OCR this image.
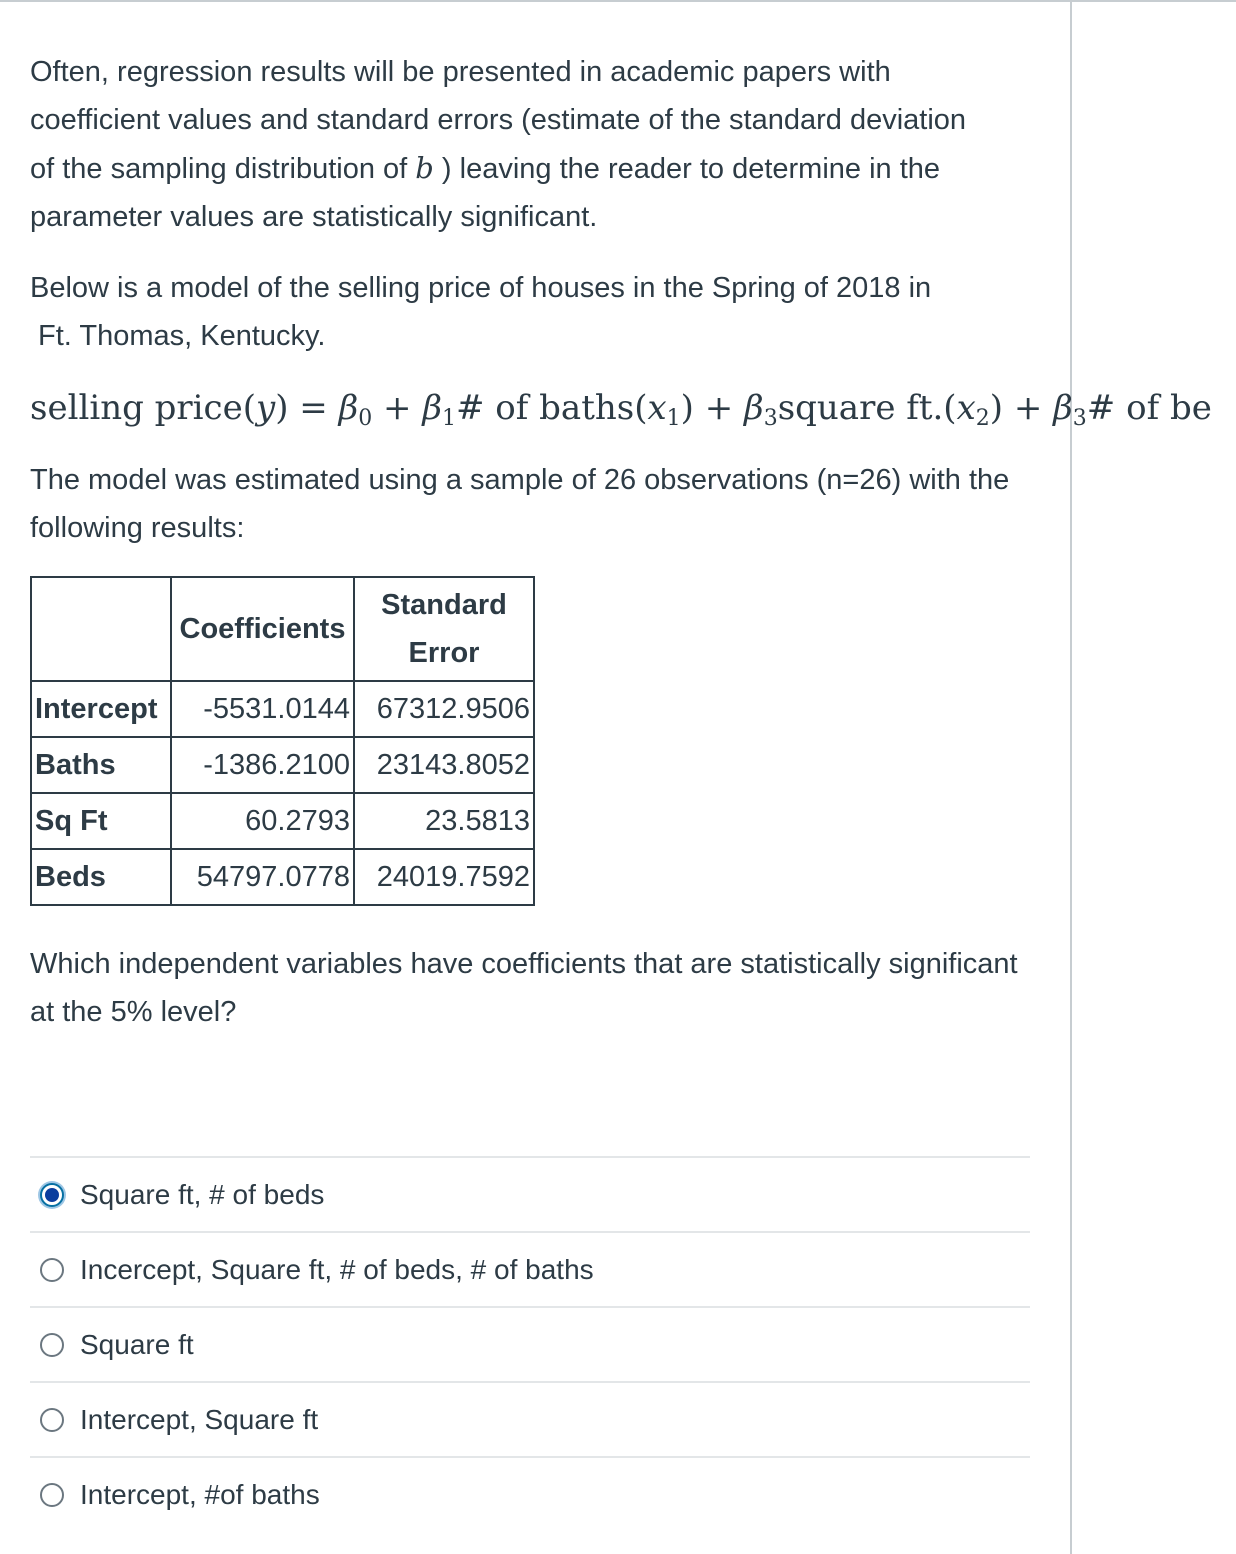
Often, regression results will be presented in academic papers with coefficient values and standard errors (estimate of the standard deviation of the sampling distribution of b ) leaving the reader to determine in the parameter values are statistically significant.

Below is a model of the selling price of houses in the Spring of 2018 in
Ft. Thomas, Kentucky.
selling price(y) = $\beta_0$ + $\beta_1\#$ of $baths(x_1)$ + $\beta_3square$ $ft.(x_2)$ + $\beta_3\#$ of be

The model was estimated using a sample of 26 observations (n=26) with the following results:

	Coefficients	Standard Error
Intercept	-5531.0144	67312.9506
Baths	-1386.2100	23143.8052
Sq Ft	60.2793	23.5813
Beds	54797.0778	24019.7592

Which independent variables have coefficients that are statistically significant at the 5% level?

Square ft, # of beds
Incercept, Square ft, # of beds, # of baths
Square ft
Intercept, Square ft
Intercept, #of baths
